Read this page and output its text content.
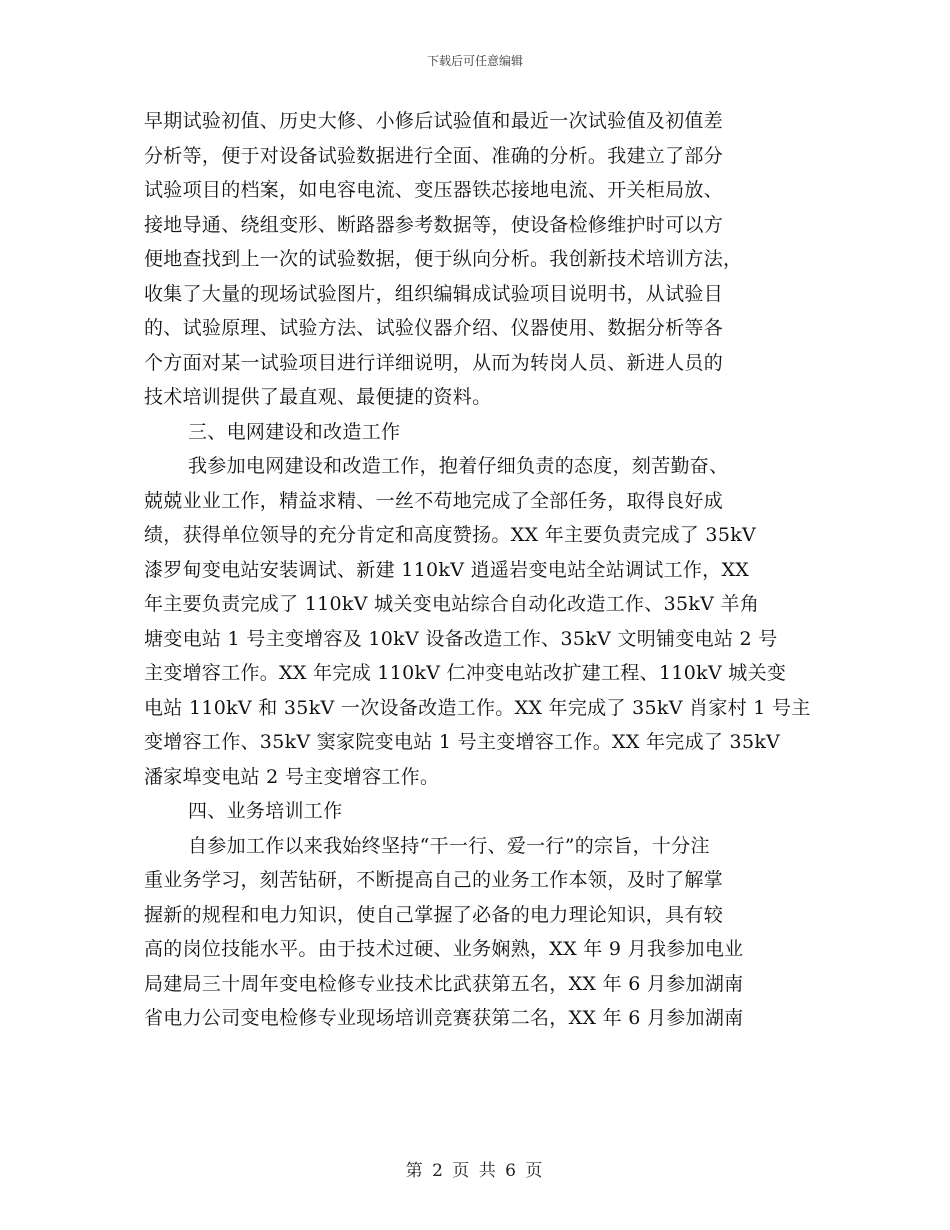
下载后可任意编辑
早期试验初值、历史大修、小修后试验值和最近一次试验值及初值差
分析等，便于对设备试验数据进行全面、准确的分析。我建立了部分
试验项目的档案，如电容电流、变压器铁芯接地电流、开关柜局放、
接地导通、绕组变形、断路器参考数据等，使设备检修维护时可以方
便地查找到上一次的试验数据，便于纵向分析。我创新技术培训方法，
收集了大量的现场试验图片，组织编辑成试验项目说明书，从试验目
的、试验原理、试验方法、试验仪器介绍、仪器使用、数据分析等各
个方面对某一试验项目进行详细说明，从而为转岗人员、新进人员的
技术培训提供了最直观、最便捷的资料。
三、电网建设和改造工作
我参加电网建设和改造工作，抱着仔细负责的态度，刻苦勤奋、
兢兢业业工作，精益求精、一丝不苟地完成了全部任务，取得良好成
绩，获得单位领导的充分肯定和高度赞扬。XX 年主要负责完成了 35kV
漆罗甸变电站安装调试、新建 110kV 逍遥岩变电站全站调试工作，XX
年主要负责完成了 110kV 城关变电站综合自动化改造工作、35kV 羊角
塘变电站 1 号主变增容及 10kV 设备改造工作、35kV 文明铺变电站 2 号
主变增容工作。XX 年完成 110kV 仁冲变电站改扩建工程、110kV 城关变
电站 110kV 和 35kV 一次设备改造工作。XX 年完成了 35kV 肖家村 1 号主
变增容工作、35kV 窦家院变电站 1 号主变增容工作。XX 年完成了 35kV
潘家埠变电站 2 号主变增容工作。
四、业务培训工作
自参加工作以来我始终坚持“干一行、爱一行”的宗旨，十分注
重业务学习，刻苦钻研，不断提高自己的业务工作本领，及时了解掌
握新的规程和电力知识，使自己掌握了必备的电力理论知识，具有较
高的岗位技能水平。由于技术过硬、业务娴熟，XX 年 9 月我参加电业
局建局三十周年变电检修专业技术比武获第五名，XX 年 6 月参加湖南
省电力公司变电检修专业现场培训竞赛获第二名，XX 年 6 月参加湖南
第 2 页 共 6 页
